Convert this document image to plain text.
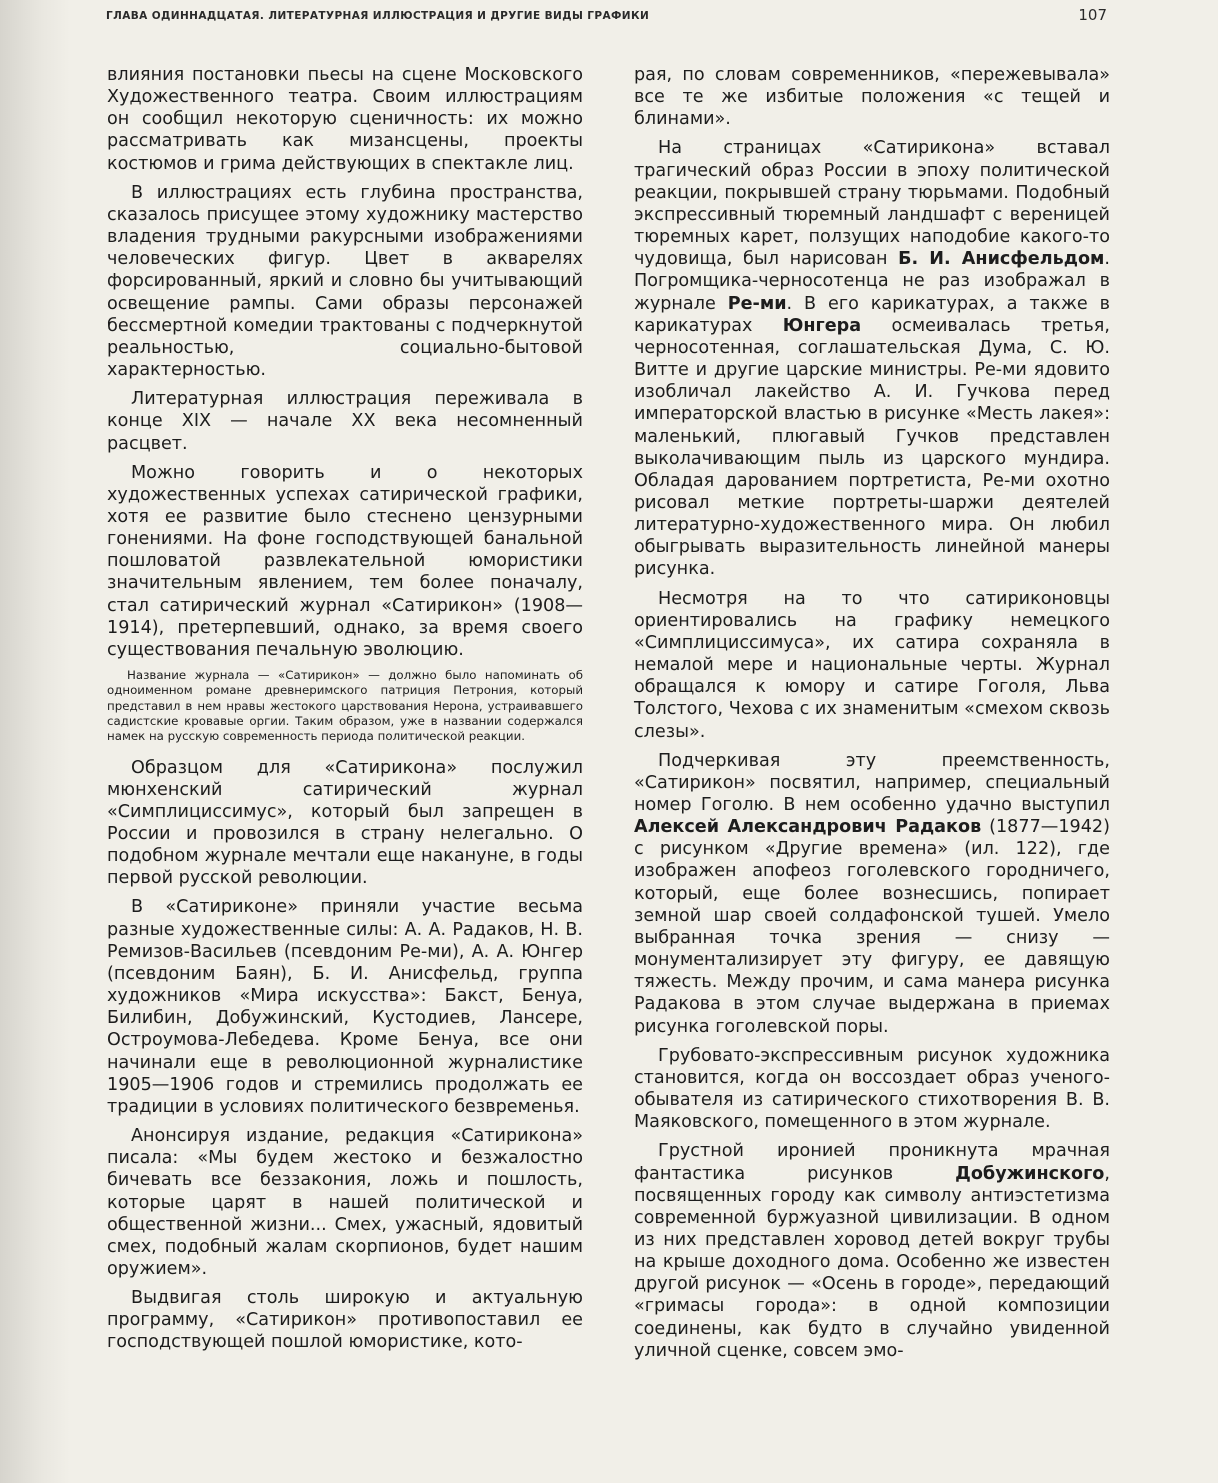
ГЛАВА ОДИННАДЦАТАЯ. ЛИТЕРАТУРНАЯ ИЛЛЮСТРАЦИЯ И ДРУГИЕ ВИДЫ ГРАФИКИ	107

влияния постановки пьесы на сцене Московского Художественного театра. Своим иллюстрациям он сообщил некоторую сценичность: их можно рассматривать как мизансцены, проекты костюмов и грима действующих в спектакле лиц.

В иллюстрациях есть глубина пространства, сказалось присущее этому художнику мастерство владения трудными ракурсными изображениями человеческих фигур. Цвет в акварелях форсированный, яркий и словно бы учитывающий освещение рампы. Сами образы персонажей бессмертной комедии трактованы с подчеркнутой реальностью, социально-бытовой характерностью.

Литературная иллюстрация переживала в конце XIX — начале XX века несомненный расцвет.

Можно говорить и о некоторых художественных успехах сатирической графики, хотя ее развитие было стеснено цензурными гонениями. На фоне господствующей банальной пошловатой развлекательной юмористики значительным явлением, тем более поначалу, стал сатирический журнал «Сатирикон» (1908—1914), претерпевший, однако, за время своего существования печальную эволюцию.

Название журнала — «Сатирикон» — должно было напоминать об одноименном романе древнеримского патриция Петрония, который представил в нем нравы жестокого царствования Нерона, устраивавшего садистские кровавые оргии. Таким образом, уже в названии содержался намек на русскую современность периода политической реакции.

Образцом для «Сатирикона» послужил мюнхенский сатирический журнал «Симплициссимус», который был запрещен в России и провозился в страну нелегально. О подобном журнале мечтали еще накануне, в годы первой русской революции.

В «Сатириконе» приняли участие весьма разные художественные силы: А. А. Радаков, Н. В. Ремизов-Васильев (псевдоним Ре-ми), А. А. Юнгер (псевдоним Баян), Б. И. Анисфельд, группа художников «Мира искусства»: Бакст, Бенуа, Билибин, Добужинский, Кустодиев, Лансере, Остроумова-Лебедева. Кроме Бенуа, все они начинали еще в революционной журналистике 1905—1906 годов и стремились продолжать ее традиции в условиях политического безвременья.

Анонсируя издание, редакция «Сатирикона» писала: «Мы будем жестоко и безжалостно бичевать все беззакония, ложь и пошлость, которые царят в нашей политической и общественной жизни... Смех, ужасный, ядовитый смех, подобный жалам скорпионов, будет нашим оружием».

Выдвигая столь широкую и актуальную программу, «Сатирикон» противопоставил ее господствующей пошлой юмористике, кото-

рая, по словам современников, «пережевывала» все те же избитые положения «с тещей и блинами».

На страницах «Сатирикона» вставал трагический образ России в эпоху политической реакции, покрывшей страну тюрьмами. Подобный экспрессивный тюремный ландшафт с вереницей тюремных карет, ползущих наподобие какого-то чудовища, был нарисован Б. И. Анисфельдом. Погромщика-черносотенца не раз изображал в журнале Ре-ми. В его карикатурах, а также в карикатурах Юнгера осмеивалась третья, черносотенная, соглашательская Дума, С. Ю. Витте и другие царские министры. Ре-ми ядовито изобличал лакейство А. И. Гучкова перед императорской властью в рисунке «Месть лакея»: маленький, плюгавый Гучков представлен выколачивающим пыль из царского мундира. Обладая дарованием портретиста, Ре-ми охотно рисовал меткие портреты-шаржи деятелей литературно-художественного мира. Он любил обыгрывать выразительность линейной манеры рисунка.

Несмотря на то что сатириконовцы ориентировались на графику немецкого «Симплициссимуса», их сатира сохраняла в немалой мере и национальные черты. Журнал обращался к юмору и сатире Гоголя, Льва Толстого, Чехова с их знаменитым «смехом сквозь слезы».

Подчеркивая эту преемственность, «Сатирикон» посвятил, например, специальный номер Гоголю. В нем особенно удачно выступил Алексей Александрович Радаков (1877—1942) с рисунком «Другие времена» (ил. 122), где изображен апофеоз гоголевского городничего, который, еще более вознесшись, попирает земной шар своей солдафонской тушей. Умело выбранная точка зрения — снизу — монументализирует эту фигуру, ее давящую тяжесть. Между прочим, и сама манера рисунка Радакова в этом случае выдержана в приемах рисунка гоголевской поры.

Грубовато-экспрессивным рисунок художника становится, когда он воссоздает образ ученого-обывателя из сатирического стихотворения В. В. Маяковского, помещенного в этом журнале.

Грустной иронией проникнута мрачная фантастика рисунков Добужинского, посвященных городу как символу антиэстетизма современной буржуазной цивилизации. В одном из них представлен хоровод детей вокруг трубы на крыше доходного дома. Особенно же известен другой рисунок — «Осень в городе», передающий «гримасы города»: в одной композиции соединены, как будто в случайно увиденной уличной сценке, совсем эмо-
